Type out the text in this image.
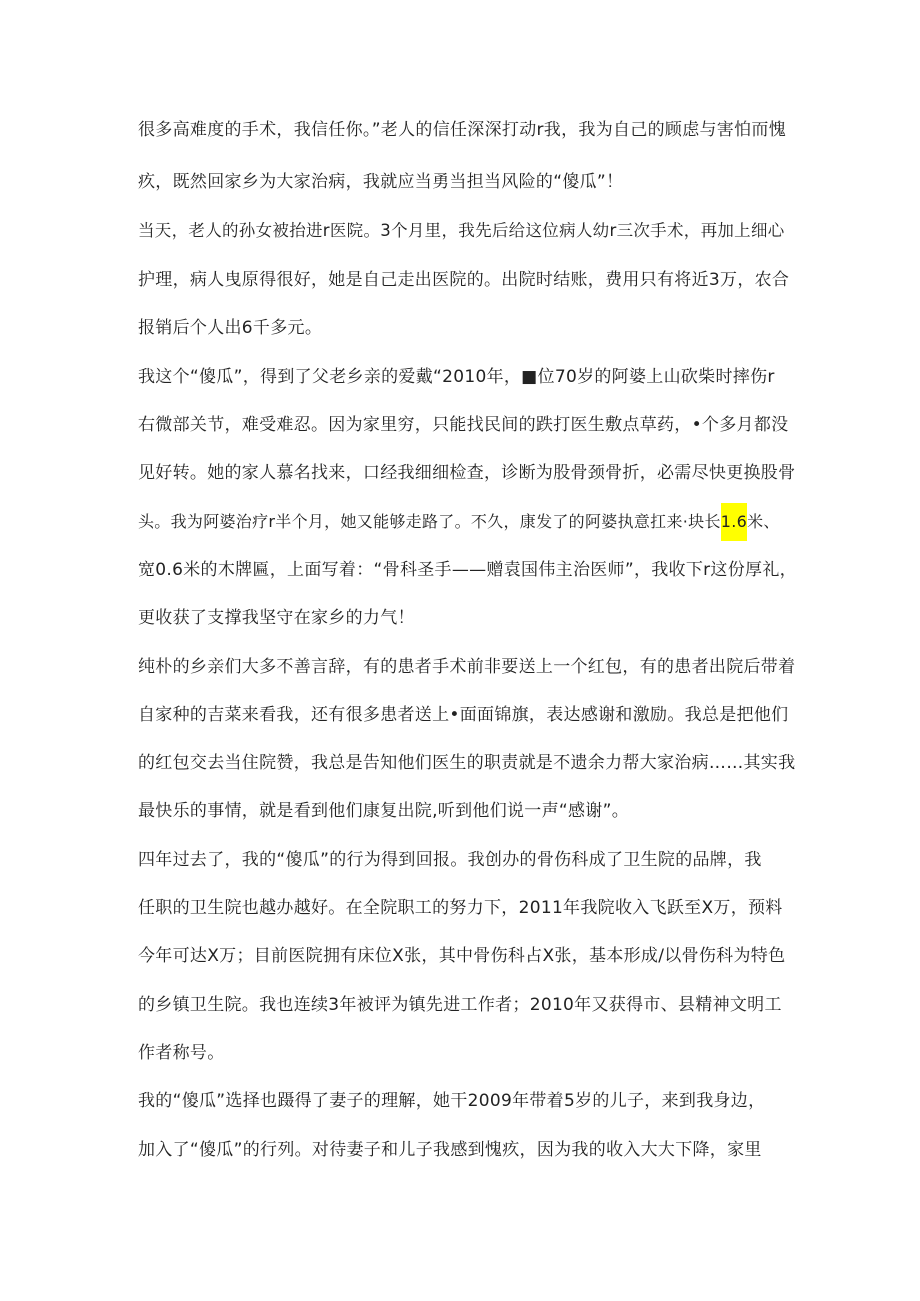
很多高难度的手术，我信任你。”老人的信任深深打动r我，我为自己的顾虑与害怕而愧
疚，既然回家乡为大家治病，我就应当勇当担当风险的“傻瓜”！
当天，老人的孙女被抬进r医院。3个月里，我先后给这位病人幼r三次手术，再加上细心
护理，病人曳原得很好，她是自己走出医院的。出院时结账，费用只有将近3万，农合
报销后个人出6千多元。
我这个“傻瓜”，得到了父老乡亲的爱戴“2010年，■位70岁的阿婆上山砍柴时摔伤r
右微部关节，难受难忍。因为家里穷，只能找民间的跌打医生敷点草药，•个多月都没
见好转。她的家人慕名找来，口经我细细检查，诊断为股骨颈骨折，必需尽快更换股骨
头。我为阿婆治疗r半个月，她又能够走路了。不久，康发了的阿婆执意扛来·块长1.6米、
宽0.6米的木牌匾，上面写着：“骨科圣手——赠袁国伟主治医师”，我收下r这份厚礼，
更收获了支撑我坚守在家乡的力气！
纯朴的乡亲们大多不善言辞，有的患者手术前非要送上一个红包，有的患者出院后带着
自家种的吉菜来看我，还有很多患者送上•面面锦旗，表达感谢和激励。我总是把他们
的红包交去当住院赞，我总是告知他们医生的职责就是不遗余力帮大家治病……其实我
最快乐的事情，就是看到他们康复出院,听到他们说一声“感谢”。
四年过去了，我的“傻瓜”的行为得到回报。我创办的骨伤科成了卫生院的品牌，我
任职的卫生院也越办越好。在全院职工的努力下，2011年我院收入飞跃至X万，预料
今年可达X万；目前医院拥有床位X张，其中骨伤科占X张，基本形成/以骨伤科为特色
的乡镇卫生院。我也连续3年被评为镇先进工作者；2010年又获得市、县精神文明工
作者称号。
我的“傻瓜”选择也蹑得了妻子的理解，她干2009年带着5岁的儿子，来到我身边，
加入了“傻瓜”的行列。对待妻子和儿子我感到愧疚，因为我的收入大大下降，家里
